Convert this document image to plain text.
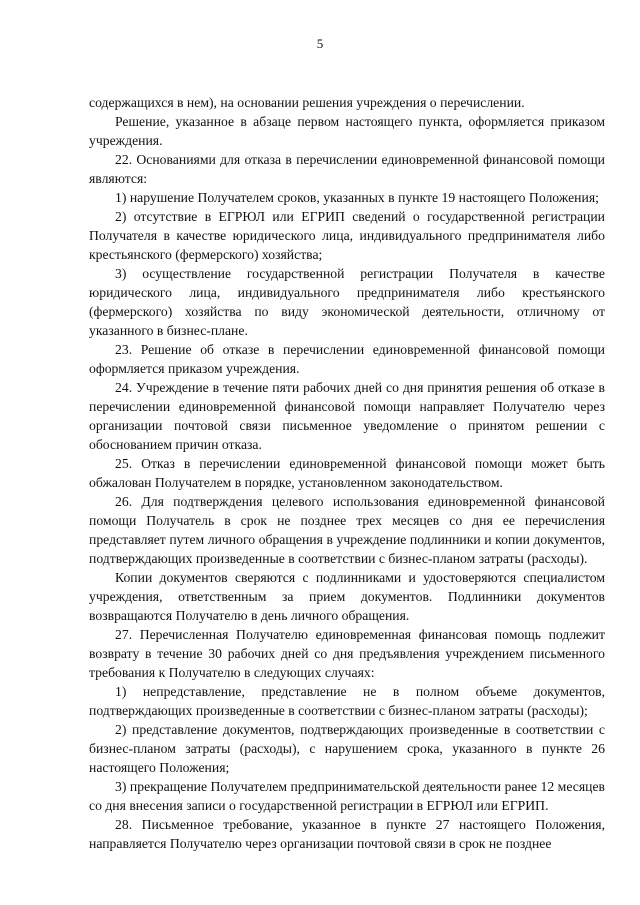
5

содержащихся в нем), на основании решения учреждения о перечислении.

Решение, указанное в абзаце первом настоящего пункта, оформляется приказом учреждения.

22. Основаниями для отказа в перечислении единовременной финансовой помощи являются:

1) нарушение Получателем сроков, указанных в пункте 19 настоящего Положения;

2) отсутствие в ЕГРЮЛ или ЕГРИП сведений о государственной регистрации Получателя в качестве юридического лица, индивидуального предпринимателя либо крестьянского (фермерского) хозяйства;

3) осуществление государственной регистрации Получателя в качестве юридического лица, индивидуального предпринимателя либо крестьянского (фермерского) хозяйства по виду экономической деятельности, отличному от указанного в бизнес-плане.

23. Решение об отказе в перечислении единовременной финансовой помощи оформляется приказом учреждения.

24. Учреждение в течение пяти рабочих дней со дня принятия решения об отказе в перечислении единовременной финансовой помощи направляет Получателю через организации почтовой связи письменное уведомление о принятом решении с обоснованием причин отказа.

25. Отказ в перечислении единовременной финансовой помощи может быть обжалован Получателем в порядке, установленном законодательством.

26. Для подтверждения целевого использования единовременной финансовой помощи Получатель в срок не позднее трех месяцев со дня ее перечисления представляет путем личного обращения в учреждение подлинники и копии документов, подтверждающих произведенные в соответствии с бизнес-планом затраты (расходы).

Копии документов сверяются с подлинниками и удостоверяются специалистом учреждения, ответственным за прием документов. Подлинники документов возвращаются Получателю в день личного обращения.

27. Перечисленная Получателю единовременная финансовая помощь подлежит возврату в течение 30 рабочих дней со дня предъявления учреждением письменного требования к Получателю в следующих случаях:

1) непредставление, представление не в полном объеме документов, подтверждающих произведенные в соответствии с бизнес-планом затраты (расходы);

2) представление документов, подтверждающих произведенные в соответствии с бизнес-планом затраты (расходы), с нарушением срока, указанного в пункте 26 настоящего Положения;

3) прекращение Получателем предпринимательской деятельности ранее 12 месяцев со дня внесения записи о государственной регистрации в ЕГРЮЛ или ЕГРИП.

28. Письменное требование, указанное в пункте 27 настоящего Положения, направляется Получателю через организации почтовой связи в срок не позднее
